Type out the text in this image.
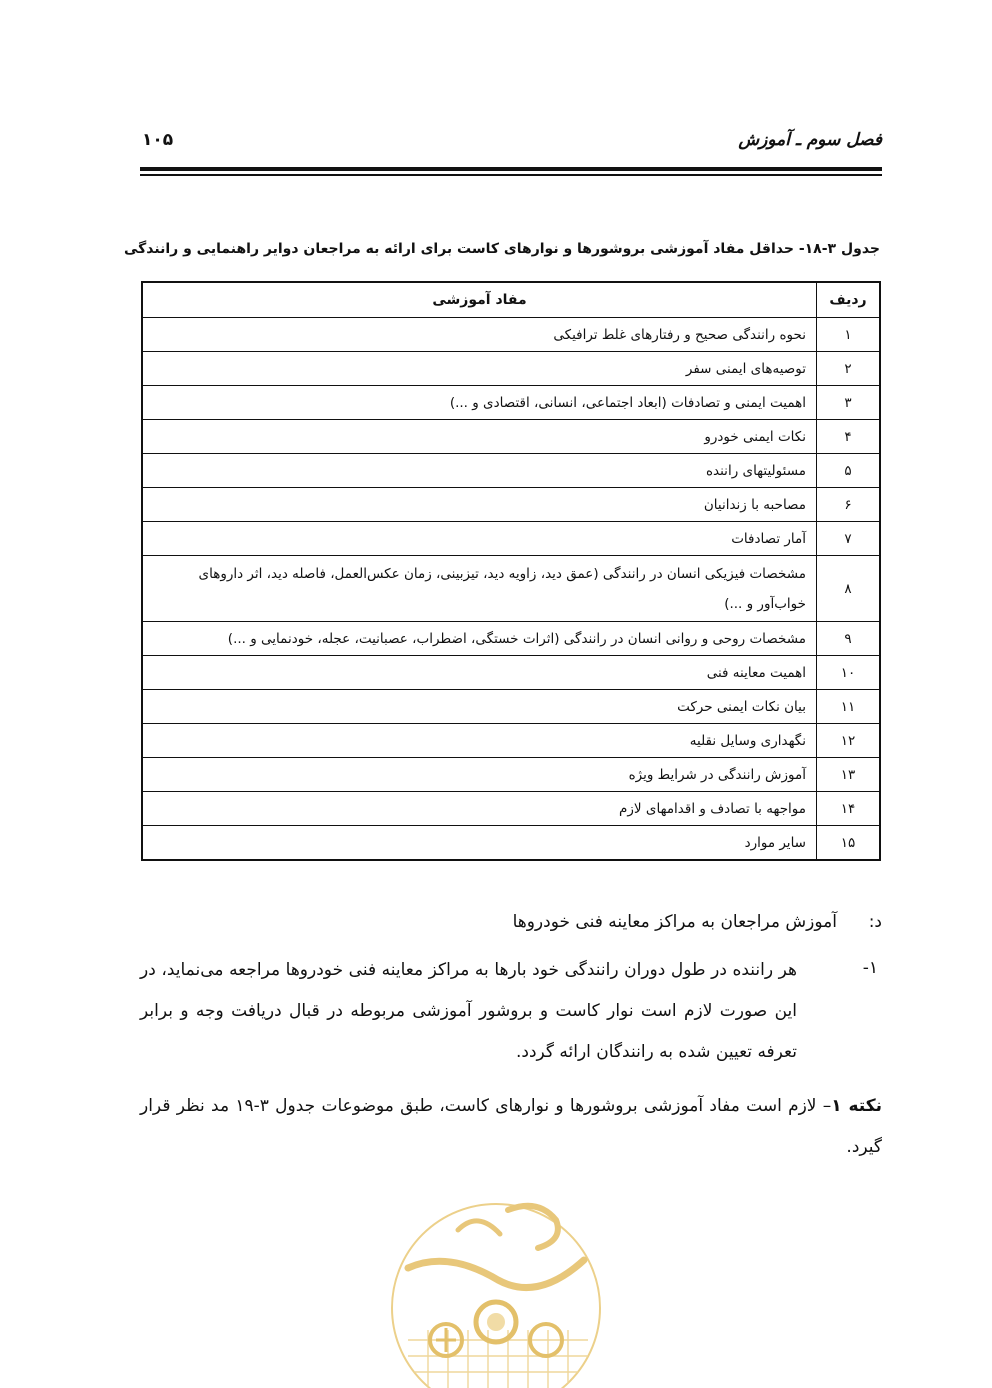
فصل سوم ـ آموزش
۱۰۵
جدول ۳-۱۸- حداقل مفاد آموزشی بروشورها و نوارهای کاست برای ارائه به مراجعان دوایر راهنمایی و رانندگی
ردیف	مفاد آموزشی
۱	نحوه رانندگی صحیح و رفتارهای غلط ترافیکی
۲	توصیه‌های ایمنی سفر
۳	اهمیت ایمنی و تصادفات (ابعاد اجتماعی، انسانی، اقتصادی و ...)
۴	نکات ایمنی خودرو
۵	مسئولیتهای راننده
۶	مصاحبه با زندانیان
۷	آمار تصادفات
۸	مشخصات فیزیکی انسان در رانندگی (عمق دید، زاویه دید، تیزبینی، زمان عکس‌العمل، فاصله دید، اثر داروهای خواب‌آور و ...)
۹	مشخصات روحی و روانی انسان در رانندگی (اثرات خستگی، اضطراب، عصبانیت، عجله، خودنمایی و ...)
۱۰	اهمیت معاینه فنی
۱۱	بیان نکات ایمنی حرکت
۱۲	نگهداری وسایل نقلیه
۱۳	آموزش رانندگی در شرایط ویژه
۱۴	مواجهه با تصادف و اقدامهای لازم
۱۵	سایر موارد
د:
آموزش مراجعان به مراکز معاینه فنی خودروها
۱-
هر راننده در طول دوران رانندگی خود بارها به مراکز معاینه فنی خودروها مراجعه می‌نماید، در این صورت لازم است نوار کاست و بروشور آموزشی مربوطه در قبال دریافت وجه و برابر تعرفه تعیین شده به رانندگان ارائه گردد.
نکته ۱– لازم است مفاد آموزشی بروشورها و نوارهای کاست، طبق موضوعات جدول ۳-۱۹ مد نظر قرار گیرد.
